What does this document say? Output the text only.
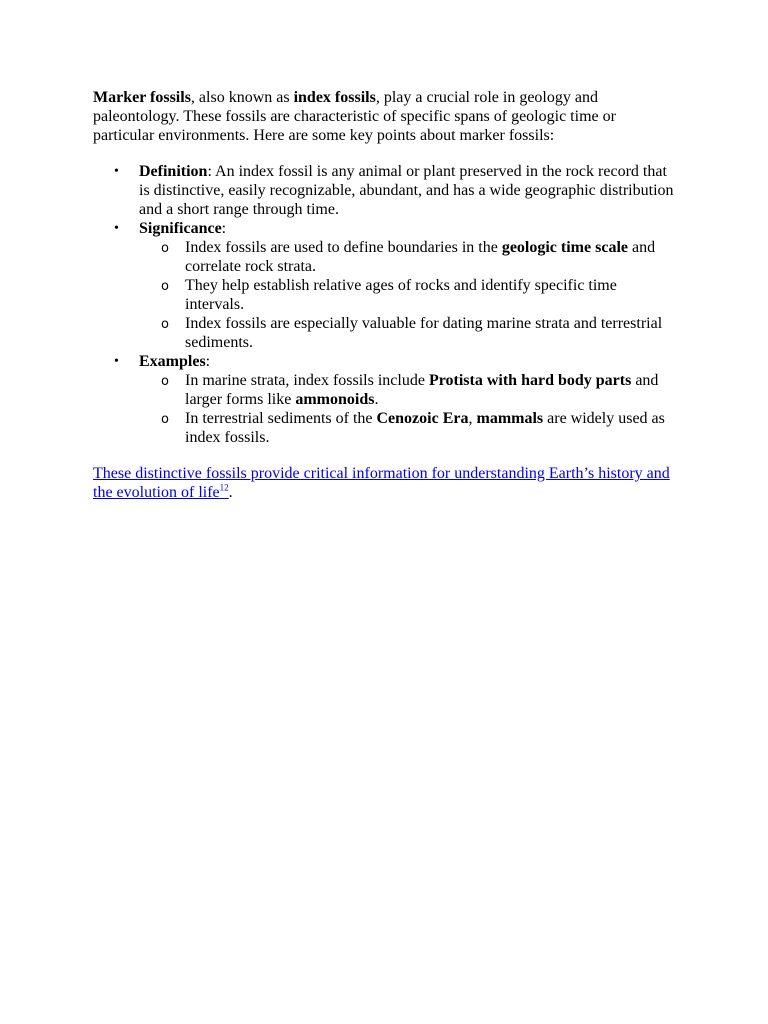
Marker fossils, also known as index fossils, play a crucial role in geology and paleontology. These fossils are characteristic of specific spans of geologic time or particular environments. Here are some key points about marker fossils:

• Definition: An index fossil is any animal or plant preserved in the rock record that is distinctive, easily recognizable, abundant, and has a wide geographic distribution and a short range through time.
• Significance:
o Index fossils are used to define boundaries in the geologic time scale and correlate rock strata.
o They help establish relative ages of rocks and identify specific time intervals.
o Index fossils are especially valuable for dating marine strata and terrestrial sediments.
• Examples:
o In marine strata, index fossils include Protista with hard body parts and larger forms like ammonoids.
o In terrestrial sediments of the Cenozoic Era, mammals are widely used as index fossils.

These distinctive fossils provide critical information for understanding Earth’s history and the evolution of life$^{12}$.
